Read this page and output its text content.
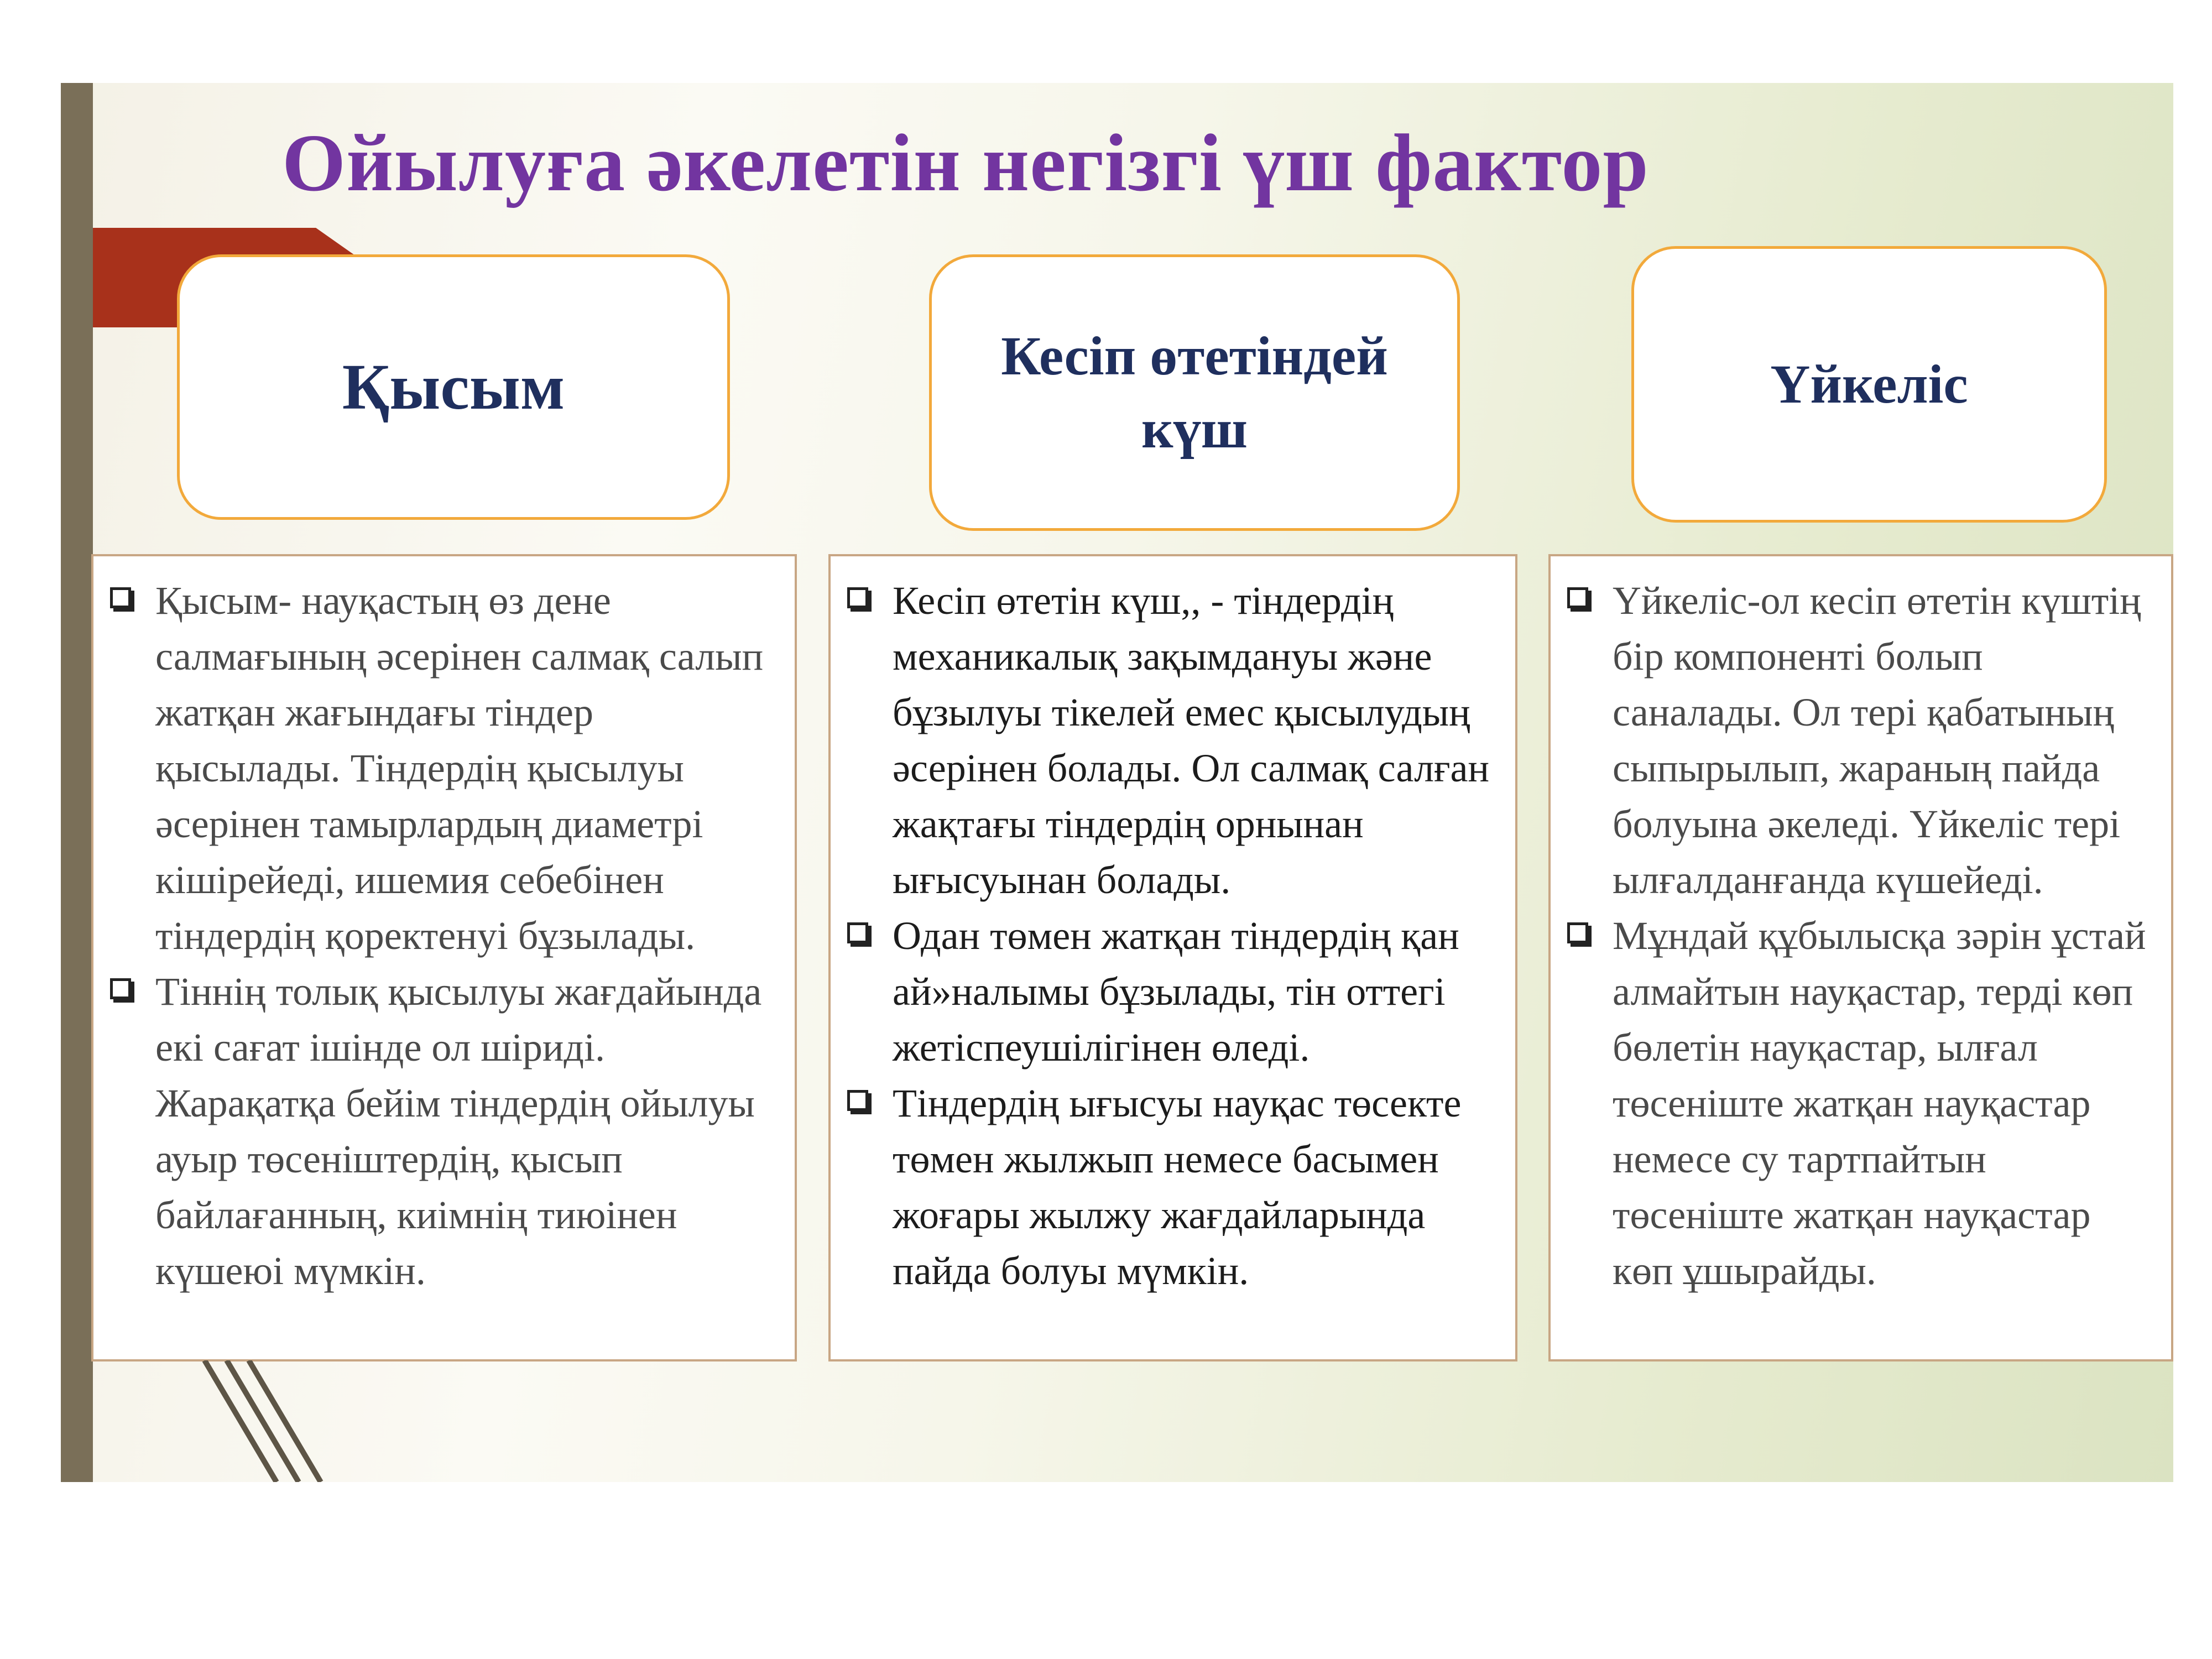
Ойылуға әкелетін негізгі үш фактор
Қысым	Кесіп өтетіндей күш
Үйкеліс
Қысым- науқастың өз дене салмағының әсерінен салмақ салып жатқан жағындағы тіндер қысылады. Тіндердің қысылуы әсерінен тамырлардың диаметрі кішірейеді, ишемия себебінен тіндердің қоректенуі бұзылады.
Тіннің толық қысылуы жағдайында екі сағат ішінде ол шіриді. Жарақатқа бейім тіндердің ойылуы ауыр төсеніштердің, қысып байлағанның, киімнің тиюінен күшеюі мүмкін.
Кесіп өтетін күш,, - тіндердің механикалық зақымдануы және бұзылуы тікелей емес қысылудың әсерінен болады. Ол салмақ салған жақтағы тіндердің орнынан ығысуынан болады.
Одан төмен жатқан тіндердің қан ай»налымы бұзылады, тін оттегі жетіспеушілігінен өледі.
Тіндердің ығысуы науқас төсекте төмен жылжып немесе басымен жоғары жылжу жағдайларында пайда болуы мүмкін.
Үйкеліс-ол кесіп өтетін күштің бір компоненті болып саналады. Ол тері қабатының сыпырылып, жараның пайда болуына әкеледі. Үйкеліс тері ылғалданғанда күшейеді.
Мұндай құбылысқа зәрін ұстай алмайтын науқастар, терді көп бөлетін науқастар, ылғал төсеніште жатқан науқастар немесе су тартпайтын төсеніште жатқан науқастар көп ұшырайды.
